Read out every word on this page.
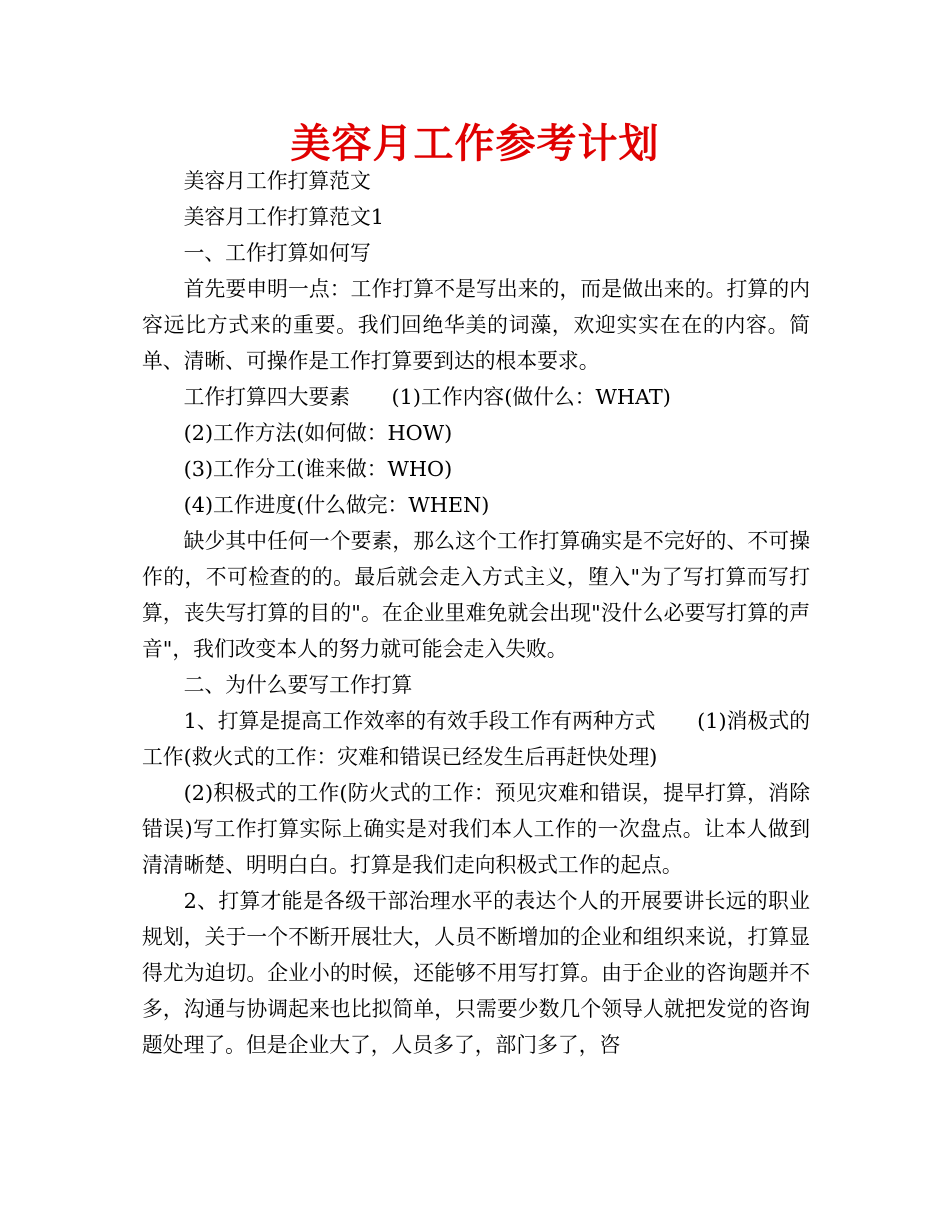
美容月工作参考计划

美容月工作打算范文

美容月工作打算范文1

一、工作打算如何写

首先要申明一点：工作打算不是写出来的，而是做出来的。打算的内容远比方式来的重要。我们回绝华美的词藻，欢迎实实在在的内容。简单、清晰、可操作是工作打算要到达的根本要求。

工作打算四大要素　　(1)工作内容(做什么：WHAT)

(2)工作方法(如何做：HOW)

(3)工作分工(谁来做：WHO)

(4)工作进度(什么做完：WHEN)

缺少其中任何一个要素，那么这个工作打算确实是不完好的、不可操作的，不可检查的的。最后就会走入方式主义，堕入"为了写打算而写打算，丧失写打算的目的"。在企业里难免就会出现"没什么必要写打算的声音"，我们改变本人的努力就可能会走入失败。

二、为什么要写工作打算

1、打算是提高工作效率的有效手段工作有两种方式　　(1)消极式的工作(救火式的工作：灾难和错误已经发生后再赶快处理)

(2)积极式的工作(防火式的工作：预见灾难和错误，提早打算，消除错误)写工作打算实际上确实是对我们本人工作的一次盘点。让本人做到清清晰楚、明明白白。打算是我们走向积极式工作的起点。

2、打算才能是各级干部治理水平的表达个人的开展要讲长远的职业规划，关于一个不断开展壮大，人员不断增加的企业和组织来说，打算显得尤为迫切。企业小的时候，还能够不用写打算。由于企业的咨询题并不多，沟通与协调起来也比拟简单，只需要少数几个领导人就把发觉的咨询题处理了。但是企业大了，人员多了，部门多了，咨
